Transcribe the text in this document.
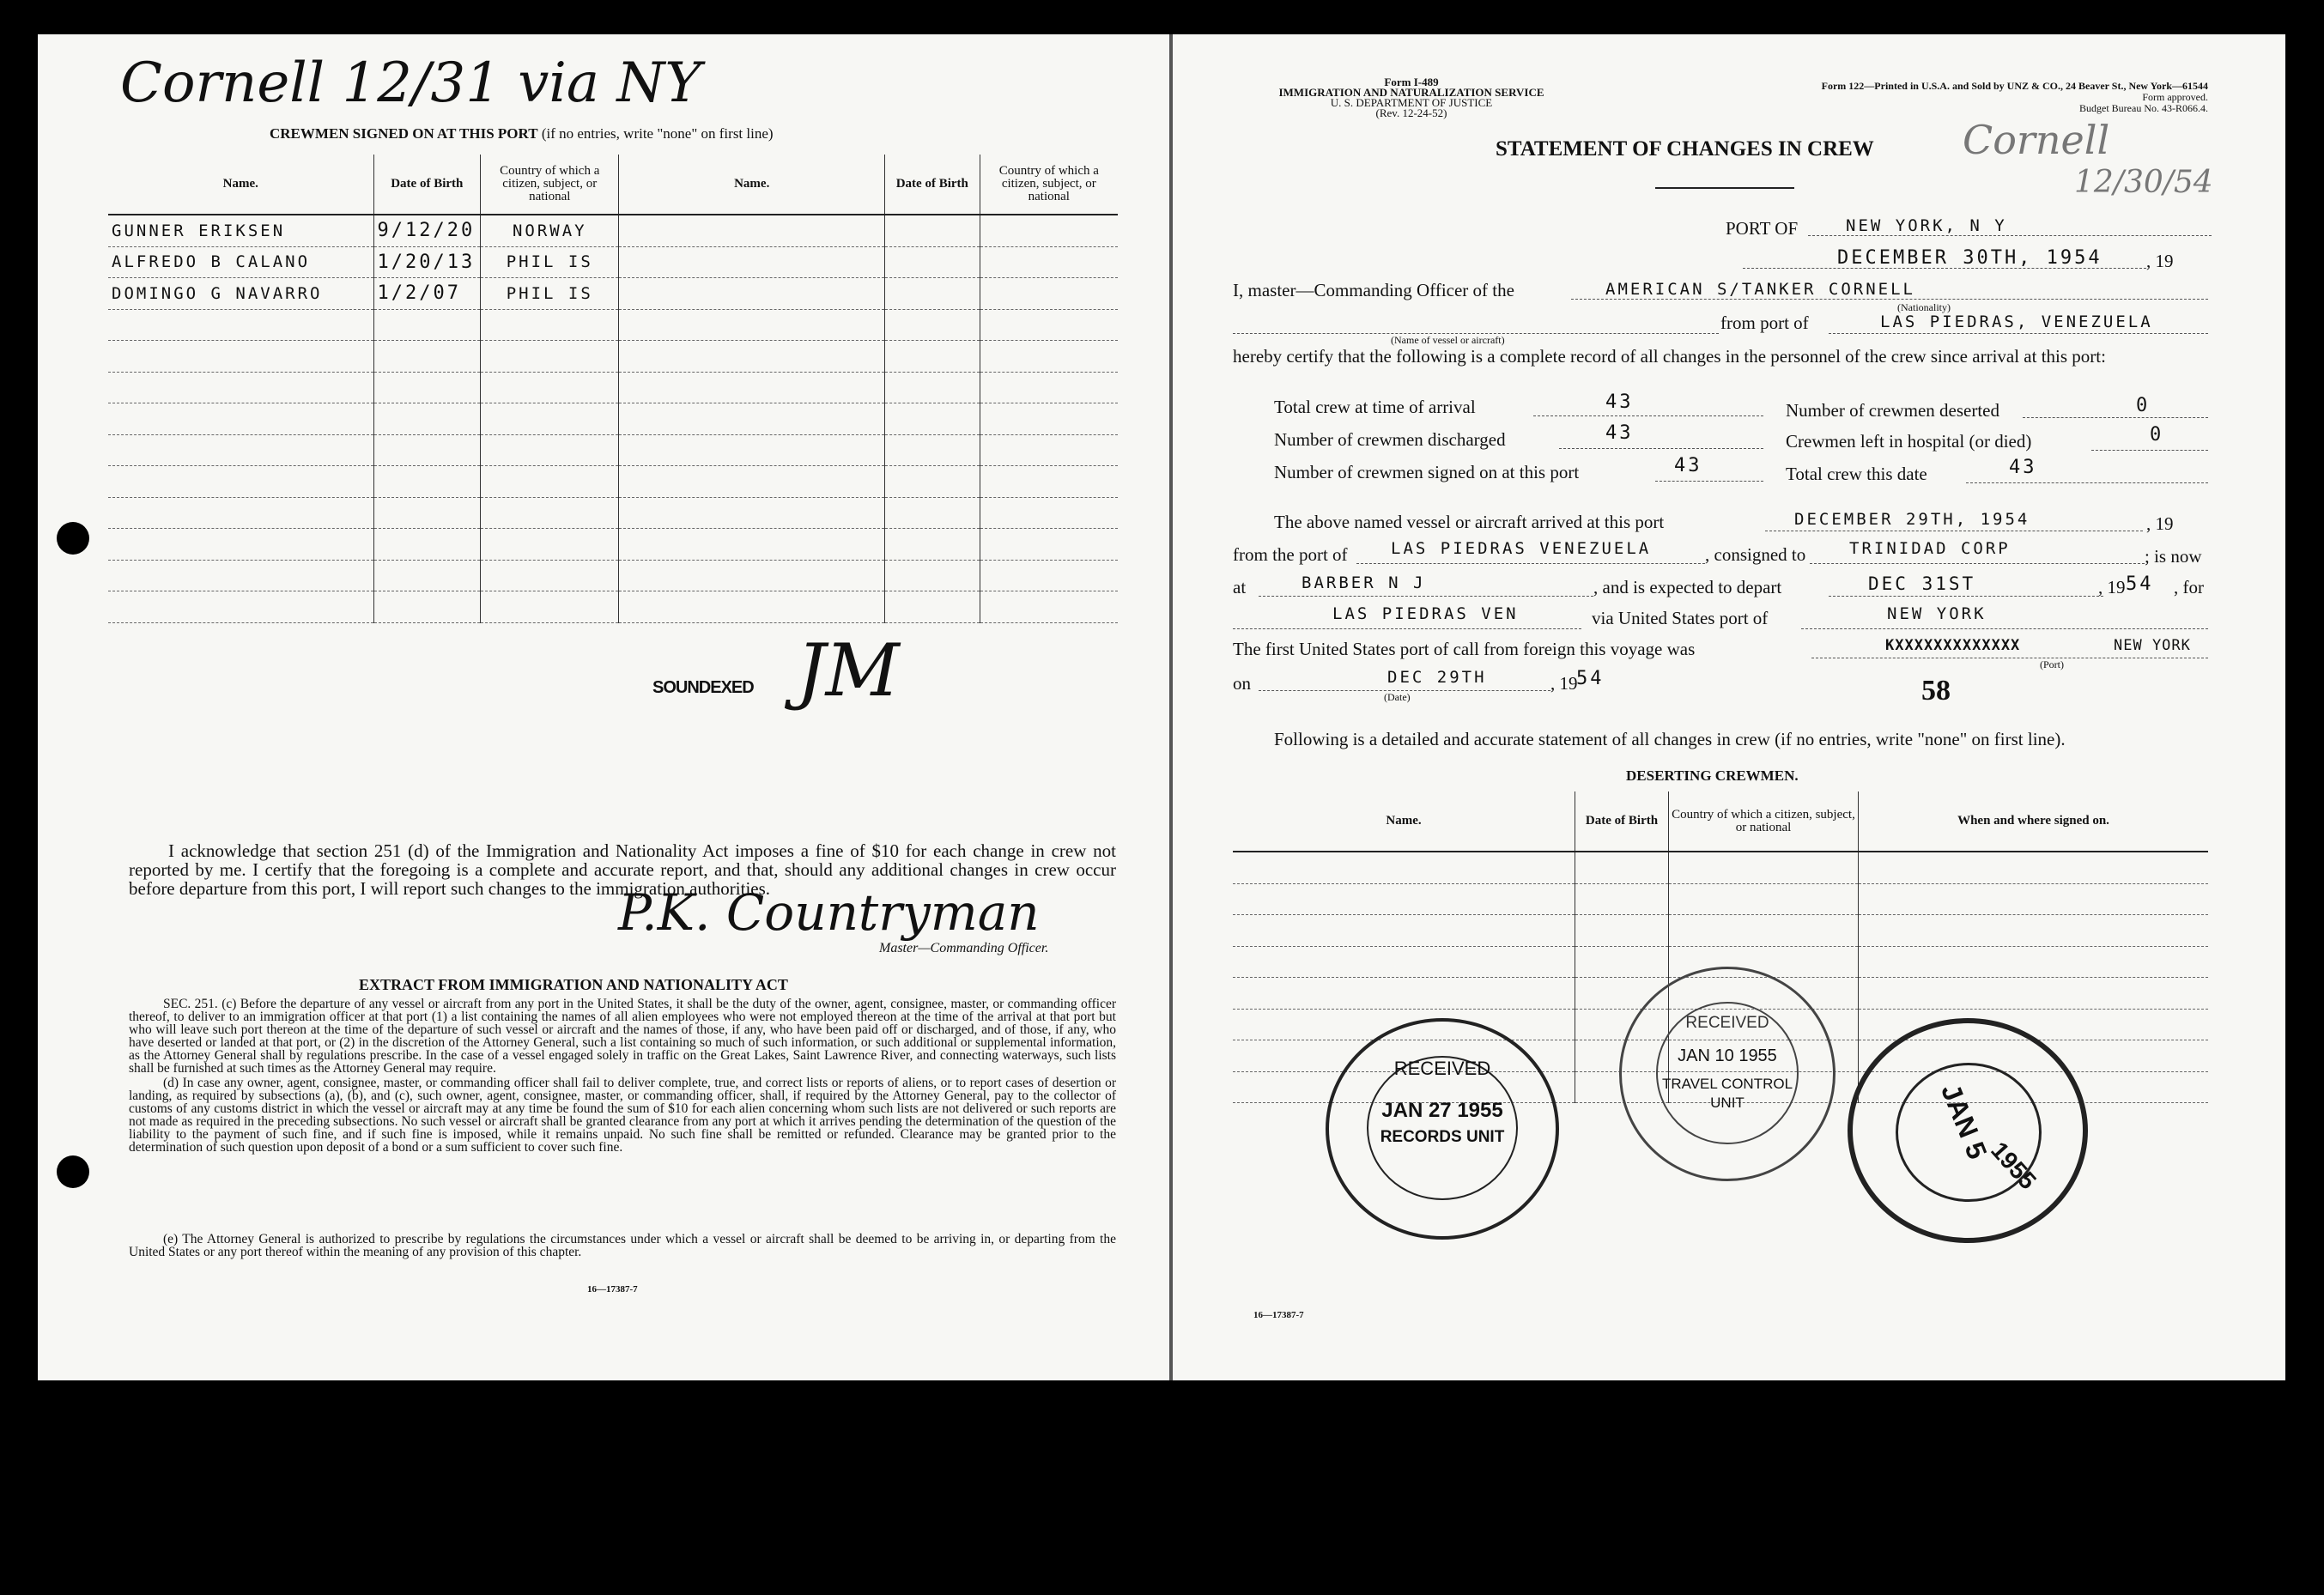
Cornell 12/31 via NY
CREWMEN SIGNED ON AT THIS PORT (if no entries, write "none" on first line)
Name.	Date of Birth	Country of which a citizen, subject, or national	Name.	Date of Birth	Country of which a citizen, subject, or national
GUNNER ERIKSEN	9/12/20	NORWAY			
ALFREDO B CALANO	1/20/13	PHIL IS			
DOMINGO G NAVARRO	1/2/07	PHIL IS			

SOUNDEXED JM
I acknowledge that section 251 (d) of the Immigration and Nationality Act imposes a fine of $10 for each change in crew not reported by me. I certify that the foregoing is a complete and accurate report, and that, should any additional changes in crew occur before departure from this port, I will report such changes to the immigration authorities.
P.K. Countryman
Master—Commanding Officer.
EXTRACT FROM IMMIGRATION AND NATIONALITY ACT
SEC. 251. (c) Before the departure of any vessel or aircraft from any port in the United States, it shall be the duty of the owner, agent, consignee, master, or commanding officer thereof, to deliver to an immigration officer at that port (1) a list containing the names of all alien employees who were not employed thereon at the time of the arrival at that port but who will leave such port thereon at the time of the departure of such vessel or aircraft and the names of those, if any, who have been paid off or discharged, and of those, if any, who have deserted or landed at that port, or (2) in the discretion of the Attorney General, such a list containing so much of such information, or such additional or supplemental information, as the Attorney General shall by regulations prescribe. In the case of a vessel engaged solely in traffic on the Great Lakes, Saint Lawrence River, and connecting waterways, such lists shall be furnished at such times as the Attorney General may require.
(d) In case any owner, agent, consignee, master, or commanding officer shall fail to deliver complete, true, and correct lists or reports of aliens, or to report cases of desertion or landing, as required by subsections (a), (b), and (c), such owner, agent, consignee, master, or commanding officer, shall, if required by the Attorney General, pay to the collector of customs of any customs district in which the vessel or aircraft may at any time be found the sum of $10 for each alien concerning whom such lists are not delivered or such reports are not made as required in the preceding subsections. No such vessel or aircraft shall be granted clearance from any port at which it arrives pending the determination of the question of the liability to the payment of such fine, and if such fine is imposed, while it remains unpaid. No such fine shall be remitted or refunded. Clearance may be granted prior to the determination of such question upon deposit of a bond or a sum sufficient to cover such fine.
(e) The Attorney General is authorized to prescribe by regulations the circumstances under which a vessel or aircraft shall be deemed to be arriving in, or departing from the United States or any port thereof within the meaning of any provision of this chapter.
16—17387-7
Form I-489
IMMIGRATION AND NATURALIZATION SERVICE
U. S. DEPARTMENT OF JUSTICE
(Rev. 12-24-52)
Form 122—Printed in U.S.A. and Sold by UNZ & CO., 24 Beaver St., New York—61544
Form approved.
Budget Bureau No. 43-R066.4.
STATEMENT OF CHANGES IN CREW Cornell
12/30/54
PORT OF	NEW YORK, N Y
DECEMBER 30TH, 1954 , 19
I, master—Commanding Officer of the	AMERICAN S/TANKER CORNELL
(Nationality)
from port of	LAS PIEDRAS, VENEZUELA
(Name of vessel or aircraft)
hereby certify that the following is a complete record of all changes in the personnel of the crew since arrival at this port:
Total crew at time of arrival	43
Number of crewmen discharged	43
Number of crewmen signed on at this port	43
Number of crewmen deserted	0
Crewmen left in hospital (or died)	0
Total crew this date	43
The above named vessel or aircraft arrived at this port	DECEMBER 29TH, 1954	, 19
from the port of	LAS PIEDRAS VENEZUELA	, consigned to	TRINIDAD CORP	; is now
at	BARBER N J	, and is expected to depart	DEC 31ST	, 19 54 , for
LAS PIEDRAS VEN	via United States port of	NEW YORK
The first United States port of call from foreign this voyage was	KXXXXXXXXXXXXX	NEW YORK
(Port)
on	DEC 29TH	, 19
54
(Date)	58
Following is a detailed and accurate statement of all changes in crew (if no entries, write "none" on first line).
DESERTING CREWMEN.
Name.	Date of Birth	Country of which a citizen, subject, or national	When and where signed on.

16—17387-7
RECEIVED
JAN 27 1955
RECORDS UNIT
RECEIVED
JAN 10 1955
TRAVEL CONTROL
UNIT	JAN 5
1955
